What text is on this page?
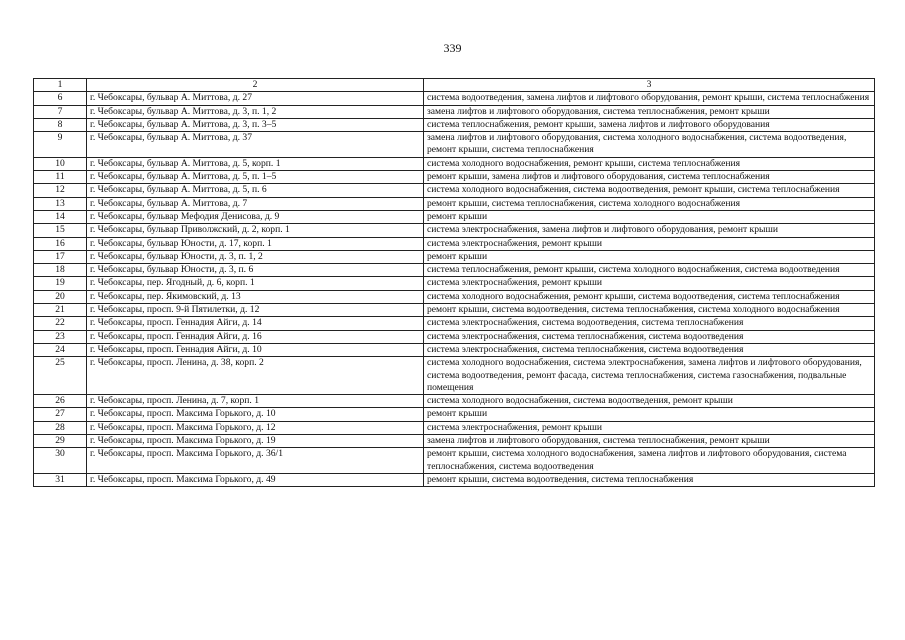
339
1	2	3
6	г. Чебоксары, бульвар А. Миттова, д. 27	система водоотведения, замена лифтов и лифтового оборудования, ремонт крыши, система теплоснабжения
7	г. Чебоксары, бульвар А. Миттова, д. 3, п. 1, 2	замена лифтов и лифтового оборудования, система теплоснабжения, ремонт крыши
8	г. Чебоксары, бульвар А. Миттова, д. 3, п. 3–5	система теплоснабжения, ремонт крыши, замена лифтов и лифтового оборудования
9	г. Чебоксары, бульвар А. Миттова, д. 37	замена лифтов и лифтового оборудования, система холодного водоснабжения, система водоотведения, ремонт крыши, система теплоснабжения
10	г. Чебоксары, бульвар А. Миттова, д. 5, корп. 1	система холодного водоснабжения, ремонт крыши, система теплоснабжения
11	г. Чебоксары, бульвар А. Миттова, д. 5, п. 1–5	ремонт крыши, замена лифтов и лифтового оборудования, система теплоснабжения
12	г. Чебоксары, бульвар А. Миттова, д. 5, п. 6	система холодного водоснабжения, система водоотведения, ремонт крыши, система теплоснабжения
13	г. Чебоксары, бульвар А. Миттова, д. 7	ремонт крыши, система теплоснабжения, система холодного водоснабжения
14	г. Чебоксары, бульвар Мефодия Денисова, д. 9	ремонт крыши
15	г. Чебоксары, бульвар Приволжский, д. 2, корп. 1	система электроснабжения, замена лифтов и лифтового оборудования, ремонт крыши
16	г. Чебоксары, бульвар Юности, д. 17, корп. 1	система электроснабжения, ремонт крыши
17	г. Чебоксары, бульвар Юности, д. 3, п. 1, 2	ремонт крыши
18	г. Чебоксары, бульвар Юности, д. 3, п. 6	система теплоснабжения, ремонт крыши, система холодного водоснабжения, система водоотведения
19	г. Чебоксары, пер. Ягодный, д. 6, корп. 1	система электроснабжения, ремонт крыши
20	г. Чебоксары, пер. Якимовский, д. 13	система холодного водоснабжения, ремонт крыши, система водоотведения, система теплоснабжения
21	г. Чебоксары, просп. 9-й Пятилетки, д. 12	ремонт крыши, система водоотведения, система теплоснабжения, система холодного водоснабжения
22	г. Чебоксары, просп. Геннадия Айги, д. 14	система электроснабжения, система водоотведения, система теплоснабжения
23	г. Чебоксары, просп. Геннадия Айги, д. 16	система электроснабжения, система теплоснабжения, система водоотведения
24	г. Чебоксары, просп. Геннадия Айги, д. 10	система электроснабжения, система теплоснабжения, система водоотведения
25	г. Чебоксары, просп. Ленина, д. 38, корп. 2	система холодного водоснабжения, система электроснабжения, замена лифтов и лифтового оборудования, система водоотведения, ремонт фасада, система теплоснабжения, система газоснабжения, подвальные помещения
26	г. Чебоксары, просп. Ленина, д. 7, корп. 1	система холодного водоснабжения, система водоотведения, ремонт крыши
27	г. Чебоксары, просп. Максима Горького, д. 10	ремонт крыши
28	г. Чебоксары, просп. Максима Горького, д. 12	система электроснабжения, ремонт крыши
29	г. Чебоксары, просп. Максима Горького, д. 19	замена лифтов и лифтового оборудования, система теплоснабжения, ремонт крыши
30	г. Чебоксары, просп. Максима Горького, д. 36/1	ремонт крыши, система холодного водоснабжения, замена лифтов и лифтового оборудования, система теплоснабжения, система водоотведения
31	г. Чебоксары, просп. Максима Горького, д. 49	ремонт крыши, система водоотведения, система теплоснабжения
